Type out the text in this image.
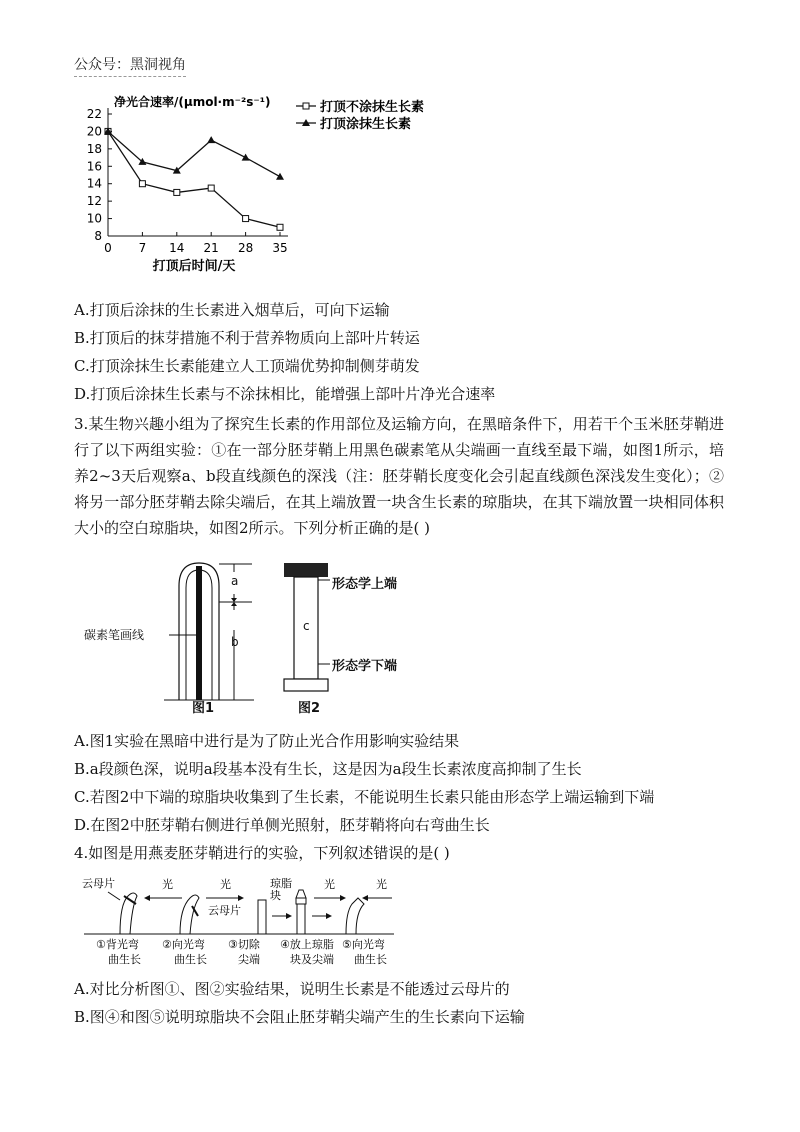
公众号：黑洞视角
8
10
12
14
16
18
20
22
0 7 14 21 28 35
净光合速率/(μmol·m⁻²s⁻¹)
打顶后时间/天
打顶不涂抹生长素
打顶涂抹生长素
A.打顶后涂抹的生长素进入烟草后，可向下运输
B.打顶后的抹芽措施不利于营养物质向上部叶片转运
C.打顶涂抹生长素能建立人工顶端优势抑制侧芽萌发
D.打顶后涂抹生长素与不涂抹相比，能增强上部叶片净光合速率
3.某生物兴趣小组为了探究生长素的作用部位及运输方向，在黑暗条件下，用若干个玉米胚芽鞘进行了以下两组实验：①在一部分胚芽鞘上用黑色碳素笔从尖端画一直线至最下端，如图1所示，培养2~3天后观察a、b段直线颜色的深浅（注：胚芽鞘长度变化会引起直线颜色深浅发生变化）；②将另一部分胚芽鞘去除尖端后，在其上端放置一块含生长素的琼脂块，在其下端放置一块相同体积大小的空白琼脂块，如图2所示。下列分析正确的是( )
a
b
碳素笔画线
图1
c
形态学上端
形态学下端
图2
A.图1实验在黑暗中进行是为了防止光合作用影响实验结果
B.a段颜色深，说明a段基本没有生长，这是因为a段生长素浓度高抑制了生长
C.若图2中下端的琼脂块收集到了生长素，不能说明生长素只能由形态学上端运输到下端
D.在图2中胚芽鞘右侧进行单侧光照射，胚芽鞘将向右弯曲生长
4.如图是用燕麦胚芽鞘进行的实验，下列叙述错误的是( )
云母片	光	光
云母片
琼脂
块
光	光
①背光弯
曲生长
②向光弯
曲生长
③切除
尖端
④放上琼脂
块及尖端
⑤向光弯
曲生长
A.对比分析图①、图②实验结果，说明生长素是不能透过云母片的
B.图④和图⑤说明琼脂块不会阻止胚芽鞘尖端产生的生长素向下运输
